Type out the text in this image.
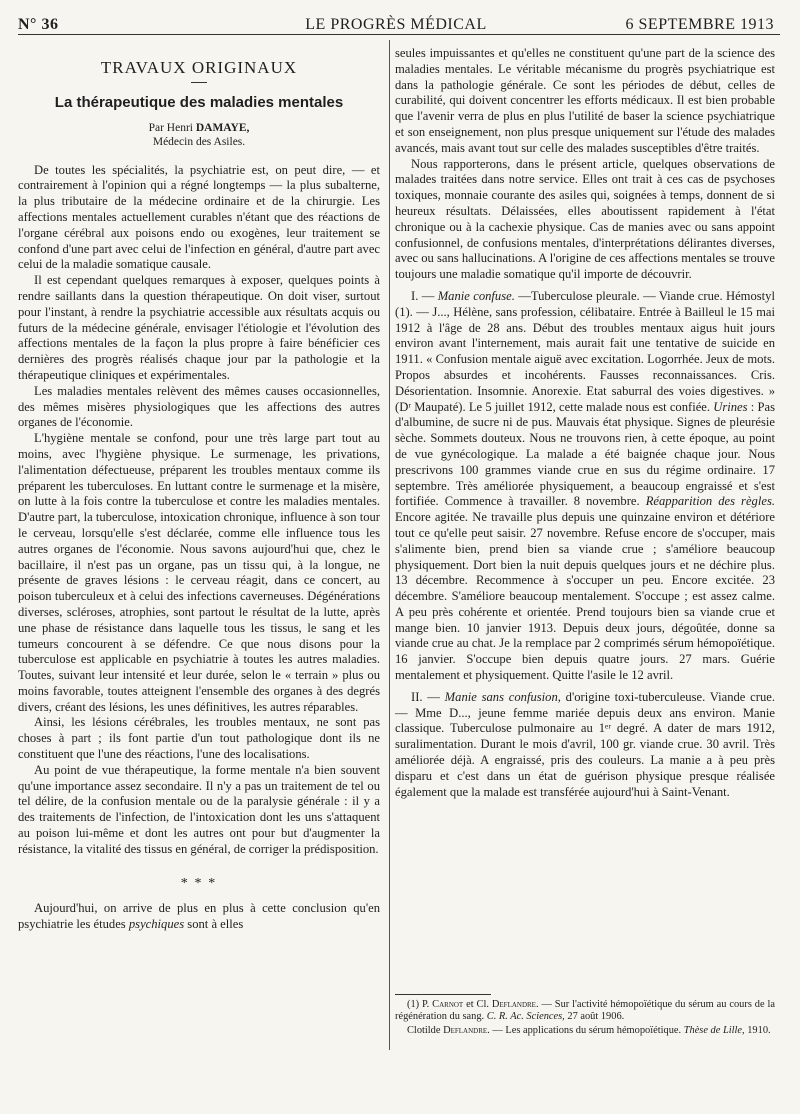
N° 36	LE PROGRÈS MÉDICAL	6 SEPTEMBRE 1913
TRAVAUX ORIGINAUX
La thérapeutique des maladies mentales
Par Henri DAMAYE,
Médecin des Asiles.

De toutes les spécialités, la psychiatrie est, on peut dire, — et contrairement à l'opinion qui a régné longtemps — la plus subalterne, la plus tributaire de la médecine ordinaire et de la chirurgie. Les affections mentales actuellement curables n'étant que des réactions de l'organe cérébral aux poisons endo ou exogènes, leur traitement se confond d'une part avec celui de l'infection en général, d'autre part avec celui de la maladie somatique causale.

Il est cependant quelques remarques à exposer, quelques points à rendre saillants dans la question thérapeutique. On doit viser, surtout pour l'instant, à rendre la psychiatrie accessible aux résultats acquis ou futurs de la médecine générale, envisager l'étiologie et l'évolution des affections mentales de la façon la plus propre à faire bénéficier ces dernières des progrès réalisés chaque jour par la pathologie et la thérapeutique cliniques et expérimentales.

Les maladies mentales relèvent des mêmes causes occasionnelles, des mêmes misères physiologiques que les affections des autres organes de l'économie.

L'hygiène mentale se confond, pour une très large part tout au moins, avec l'hygiène physique. Le surmenage, les privations, l'alimentation défectueuse, préparent les troubles mentaux comme ils préparent les tuberculoses. En luttant contre le surmenage et la misère, on lutte à la fois contre la tuberculose et contre les maladies mentales. D'autre part, la tuberculose, intoxication chronique, influence à son tour le cerveau, lorsqu'elle s'est déclarée, comme elle influence tous les autres organes de l'économie. Nous savons aujourd'hui que, chez le bacillaire, il n'est pas un organe, pas un tissu qui, à la longue, ne présente de graves lésions : le cerveau réagit, dans ce concert, au poison tuberculeux et à celui des infections caverneuses. Dégénérations diverses, scléroses, atrophies, sont partout le résultat de la lutte, après une phase de résistance dans laquelle tous les tissus, le sang et les tumeurs concourent à se défendre. Ce que nous disons pour la tuberculose est applicable en psychiatrie à toutes les autres maladies. Toutes, suivant leur intensité et leur durée, selon le « terrain » plus ou moins favorable, toutes atteignent l'ensemble des organes à des degrés divers, créant des lésions, les unes définitives, les autres réparables.

Ainsi, les lésions cérébrales, les troubles mentaux, ne sont pas choses à part ; ils font partie d'un tout pathologique dont ils ne constituent que l'une des réactions, l'une des localisations.

Au point de vue thérapeutique, la forme mentale n'a bien souvent qu'une importance assez secondaire. Il n'y a pas un traitement de tel ou tel délire, de la confusion mentale ou de la paralysie générale : il y a des traitements de l'infection, de l'intoxication dont les uns s'attaquent au poison lui-même et dont les autres ont pour but d'augmenter la résistance, la vitalité des tissus en général, de corriger la prédisposition.

* * *

Aujourd'hui, on arrive de plus en plus à cette conclusion qu'en psychiatrie les études psychiques sont à elles

seules impuissantes et qu'elles ne constituent qu'une part de la science des maladies mentales. Le véritable mécanisme du progrès psychiatrique est dans la pathologie générale. Ce sont les périodes de début, celles de curabilité, qui doivent concentrer les efforts médicaux. Il est bien probable que l'avenir verra de plus en plus l'utilité de baser la science psychiatrique et son enseignement, non plus presque uniquement sur l'étude des malades avancés, mais avant tout sur celle des malades susceptibles d'être traités.

Nous rapporterons, dans le présent article, quelques observations de malades traitées dans notre service. Elles ont trait à ces cas de psychoses toxiques, monnaie courante des asiles qui, soignées à temps, donnent de si heureux résultats. Délaissées, elles aboutissent rapidement à l'état chronique ou à la cachexie physique. Cas de manies avec ou sans appoint confusionnel, de confusions mentales, d'interprétations délirantes diverses, avec ou sans hallucinations. A l'origine de ces affections mentales se trouve toujours une maladie somatique qu'il importe de découvrir.

I. — Manie confuse. —Tuberculose pleurale. — Viande crue. Hémostyl (1). — J..., Hélène, sans profession, célibataire. Entrée à Bailleul le 15 mai 1912 à l'âge de 28 ans. Début des troubles mentaux aigus huit jours environ avant l'internement, mais aurait fait une tentative de suicide en 1911. « Confusion mentale aiguë avec excitation. Logorrhée. Jeux de mots. Propos absurdes et incohérents. Fausses reconnaissances. Cris. Désorientation. Insomnie. Anorexie. Etat saburral des voies digestives. » (Dʳ Maupaté). Le 5 juillet 1912, cette malade nous est confiée. Urines : Pas d'albumine, de sucre ni de pus. Mauvais état physique. Signes de pleurésie sèche. Sommets douteux. Nous ne trouvons rien, à cette époque, au point de vue gynécologique. La malade a été baignée chaque jour. Nous prescrivons 100 grammes viande crue en sus du régime ordinaire. 17 septembre. Très améliorée physiquement, a beaucoup engraissé et s'est fortifiée. Commence à travailler. 8 novembre. Réapparition des règles. Encore agitée. Ne travaille plus depuis une quinzaine environ et détériore tout ce qu'elle peut saisir. 27 novembre. Refuse encore de s'occuper, mais s'alimente bien, prend bien sa viande crue ; s'améliore beaucoup physiquement. Dort bien la nuit depuis quelques jours et ne déchire plus. 13 décembre. Recommence à s'occuper un peu. Encore excitée. 23 décembre. S'améliore beaucoup mentalement. S'occupe ; est assez calme. A peu près cohérente et orientée. Prend toujours bien sa viande crue et mange bien. 10 janvier 1913. Depuis deux jours, dégoûtée, donne sa viande crue au chat. Je la remplace par 2 comprimés sérum hémopoïétique. 16 janvier. S'occupe bien depuis quatre jours. 27 mars. Guérie mentalement et physiquement. Quitte l'asile le 12 avril.

II. — Manie sans confusion, d'origine toxi-tuberculeuse. Viande crue. — Mme D..., jeune femme mariée depuis deux ans environ. Manie classique. Tuberculose pulmonaire au 1ᵉʳ degré. A dater de mars 1912, suralimentation. Durant le mois d'avril, 100 gr. viande crue. 30 avril. Très améliorée déjà. A engraissé, pris des couleurs. La manie a à peu près disparu et c'est dans un état de guérison physique presque réalisée également que la malade est transférée aujourd'hui à Saint-Venant.

(1) P. Carnot et Cl. Deflandre. — Sur l'activité hémopoïétique du sérum au cours de la régénération du sang. C. R. Ac. Sciences, 27 août 1906.

Clotilde Deflandre. — Les applications du sérum hémopoïétique. Thèse de Lille, 1910.
